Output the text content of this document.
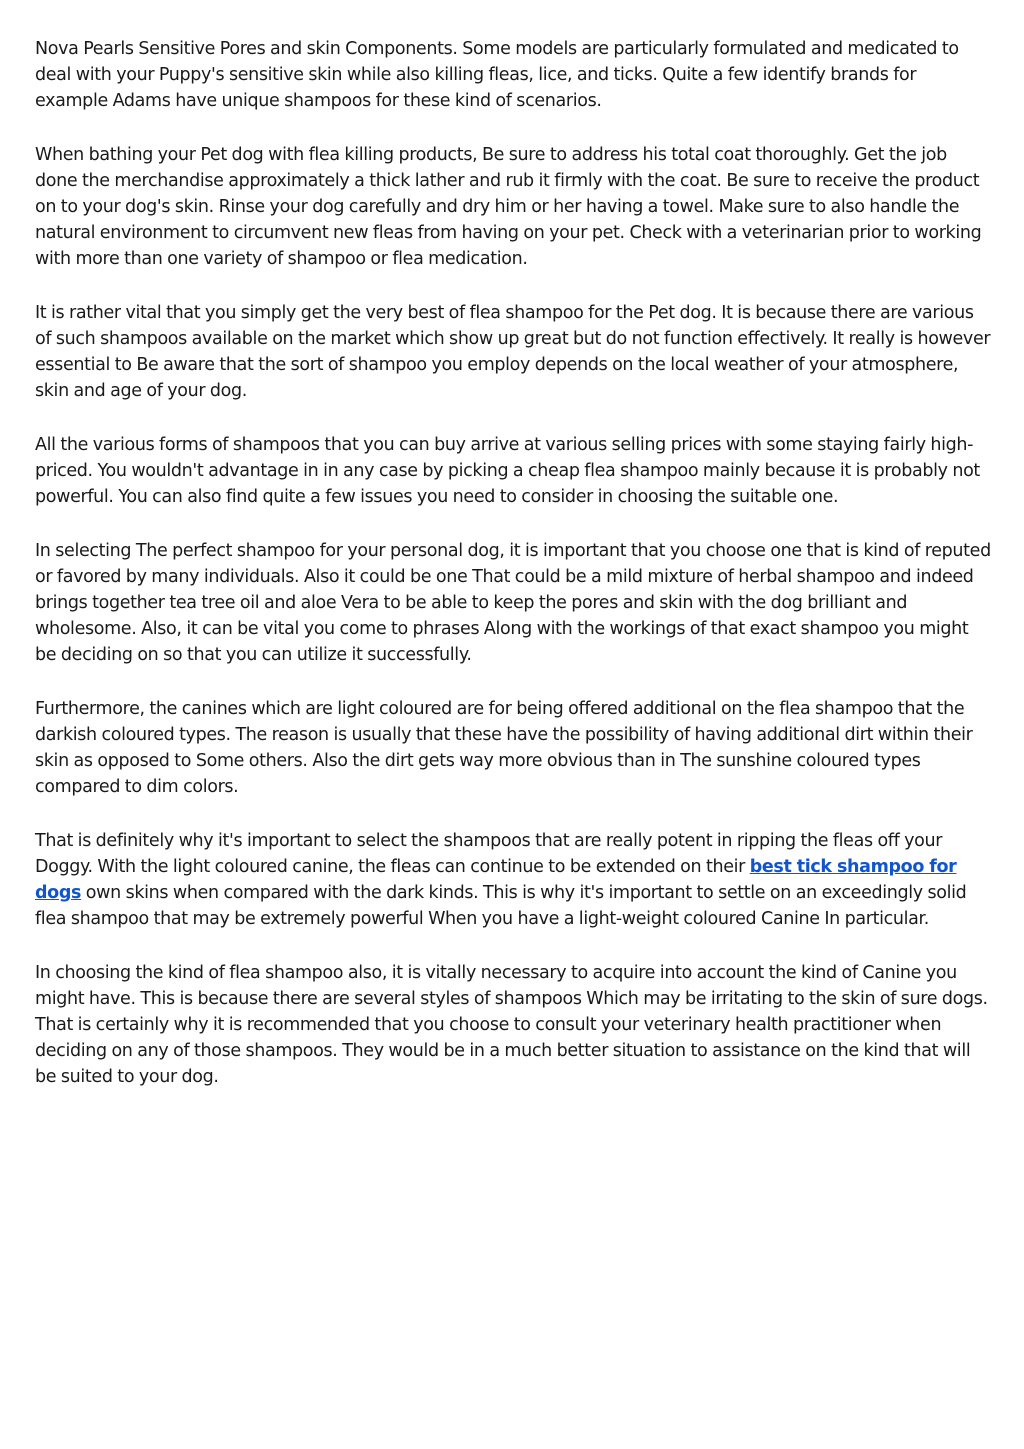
Nova Pearls Sensitive Pores and skin Components. Some models are particularly formulated and medicated to deal with your Puppy's sensitive skin while also killing fleas, lice, and ticks. Quite a few identify brands for example Adams have unique shampoos for these kind of scenarios.

When bathing your Pet dog with flea killing products, Be sure to address his total coat thoroughly. Get the job done the merchandise approximately a thick lather and rub it firmly with the coat. Be sure to receive the product on to your dog's skin. Rinse your dog carefully and dry him or her having a towel. Make sure to also handle the natural environment to circumvent new fleas from having on your pet. Check with a veterinarian prior to working with more than one variety of shampoo or flea medication.

It is rather vital that you simply get the very best of flea shampoo for the Pet dog. It is because there are various of such shampoos available on the market which show up great but do not function effectively. It really is however essential to Be aware that the sort of shampoo you employ depends on the local weather of your atmosphere, skin and age of your dog.

All the various forms of shampoos that you can buy arrive at various selling prices with some staying fairly high-priced. You wouldn't advantage in in any case by picking a cheap flea shampoo mainly because it is probably not powerful. You can also find quite a few issues you need to consider in choosing the suitable one.

In selecting The perfect shampoo for your personal dog, it is important that you choose one that is kind of reputed or favored by many individuals. Also it could be one That could be a mild mixture of herbal shampoo and indeed brings together tea tree oil and aloe Vera to be able to keep the pores and skin with the dog brilliant and wholesome. Also, it can be vital you come to phrases Along with the workings of that exact shampoo you might be deciding on so that you can utilize it successfully.

Furthermore, the canines which are light coloured are for being offered additional on the flea shampoo that the darkish coloured types. The reason is usually that these have the possibility of having additional dirt within their skin as opposed to Some others. Also the dirt gets way more obvious than in The sunshine coloured types compared to dim colors.

That is definitely why it's important to select the shampoos that are really potent in ripping the fleas off your Doggy. With the light coloured canine, the fleas can continue to be extended on their best tick shampoo for dogs own skins when compared with the dark kinds. This is why it's important to settle on an exceedingly solid flea shampoo that may be extremely powerful When you have a light-weight coloured Canine In particular.

In choosing the kind of flea shampoo also, it is vitally necessary to acquire into account the kind of Canine you might have. This is because there are several styles of shampoos Which may be irritating to the skin of sure dogs. That is certainly why it is recommended that you choose to consult your veterinary health practitioner when deciding on any of those shampoos. They would be in a much better situation to assistance on the kind that will be suited to your dog.
